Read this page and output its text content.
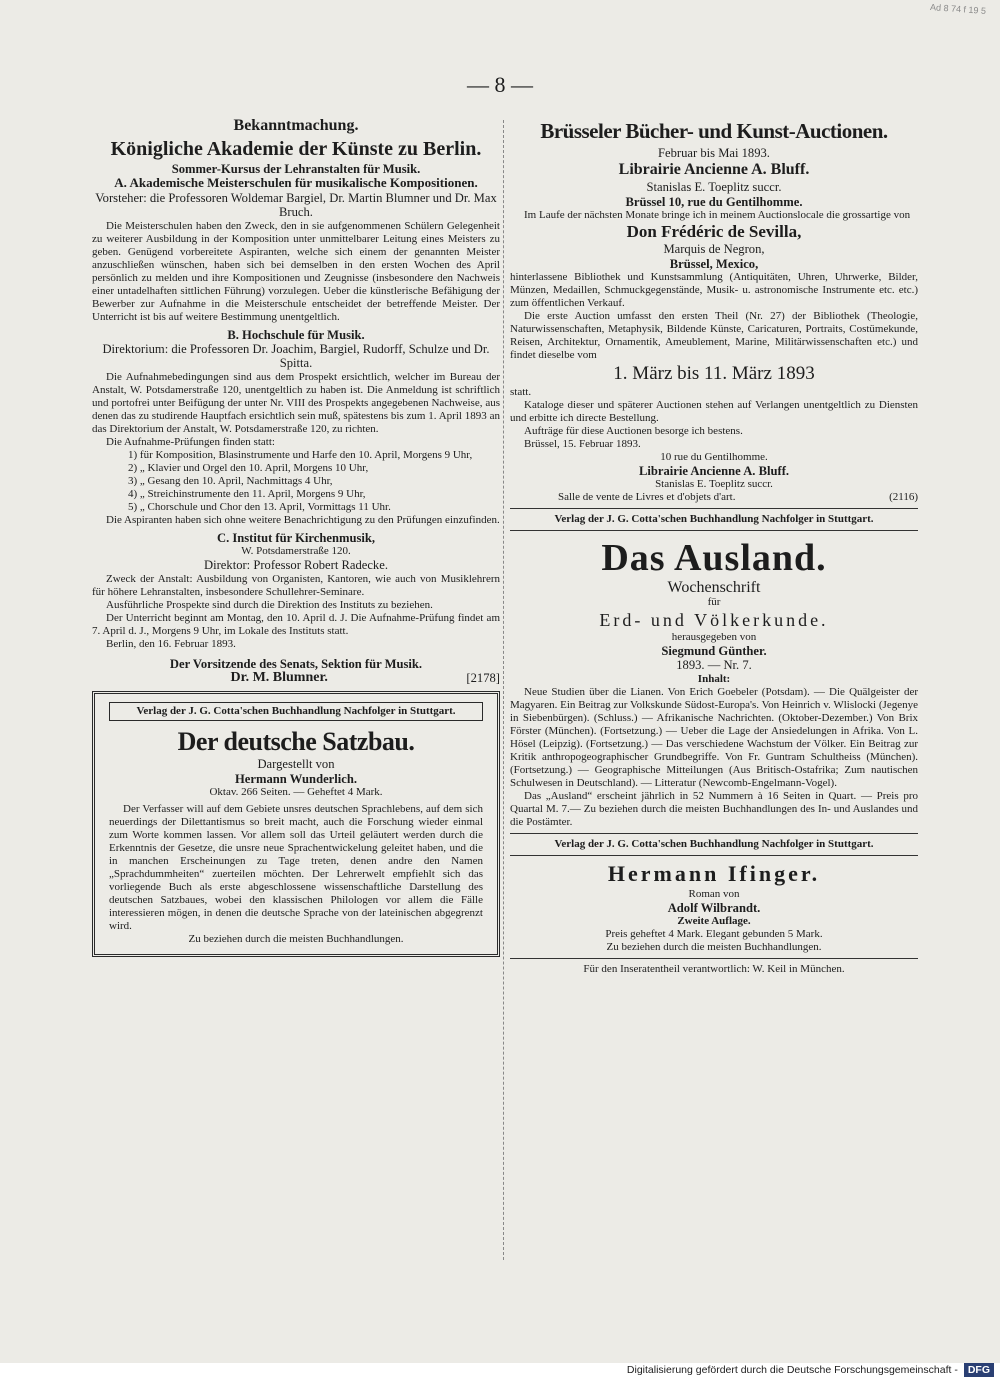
Ad 8 74 f 19 5
— 8 —
Bekanntmachung.
Königliche Akademie der Künste zu Berlin.
Sommer-Kursus der Lehranstalten für Musik.
A. Akademische Meisterschulen für musikalische Kompositionen.
Vorsteher: die Professoren Woldemar Bargiel, Dr. Martin Blumner und Dr. Max Bruch.
Die Meisterschulen haben den Zweck, den in sie aufgenommenen Schülern Gelegenheit zu weiterer Ausbildung in der Komposition unter unmittelbarer Leitung eines Meisters zu geben. Genügend vorbereitete Aspiranten, welche sich einem der genannten Meister anzuschließen wünschen, haben sich bei demselben in den ersten Wochen des April persönlich zu melden und ihre Kompositionen und Zeugnisse (insbesondere den Nachweis einer untadelhaften sittlichen Führung) vorzulegen. Ueber die künstlerische Befähigung der Bewerber zur Aufnahme in die Meisterschule entscheidet der betreffende Meister. Der Unterricht ist bis auf weitere Bestimmung unentgeltlich.
B. Hochschule für Musik.
Direktorium: die Professoren Dr. Joachim, Bargiel, Rudorff, Schulze und Dr. Spitta.
Die Aufnahmebedingungen sind aus dem Prospekt ersichtlich, welcher im Bureau der Anstalt, W. Potsdamerstraße 120, unentgeltlich zu haben ist. Die Anmeldung ist schriftlich und portofrei unter Beifügung der unter Nr. VIII des Prospekts angegebenen Nachweise, aus denen das zu studirende Hauptfach ersichtlich sein muß, spätestens bis zum 1. April 1893 an das Direktorium der Anstalt, W. Potsdamerstraße 120, zu richten.
Die Aufnahme-Prüfungen finden statt:
1) für Komposition, Blasinstrumente und Harfe den 10. April, Morgens 9 Uhr,
2) „ Klavier und Orgel den 10. April, Morgens 10 Uhr,
3) „ Gesang den 10. April, Nachmittags 4 Uhr,
4) „ Streichinstrumente den 11. April, Morgens 9 Uhr,
5) „ Chorschule und Chor den 13. April, Vormittags 11 Uhr.
Die Aspiranten haben sich ohne weitere Benachrichtigung zu den Prüfungen einzufinden.
C. Institut für Kirchenmusik,
W. Potsdamerstraße 120.
Direktor: Professor Robert Radecke.
Zweck der Anstalt: Ausbildung von Organisten, Kantoren, wie auch von Musiklehrern für höhere Lehranstalten, insbesondere Schullehrer-Seminare.
Ausführliche Prospekte sind durch die Direktion des Instituts zu beziehen.
Der Unterricht beginnt am Montag, den 10. April d. J. Die Aufnahme-Prüfung findet am 7. April d. J., Morgens 9 Uhr, im Lokale des Instituts statt.
Berlin, den 16. Februar 1893.
Der Vorsitzende des Senats, Sektion für Musik.
Dr. M. Blumner.	[2178]
Verlag der J. G. Cotta'schen Buchhandlung Nachfolger in Stuttgart.
Der deutsche Satzbau.
Dargestellt von
Hermann Wunderlich.
Oktav. 266 Seiten. — Geheftet 4 Mark.
Der Verfasser will auf dem Gebiete unsres deutschen Sprachlebens, auf dem sich neuerdings der Dilettantismus so breit macht, auch die Forschung wieder einmal zum Worte kommen lassen. Vor allem soll das Urteil geläutert werden durch die Erkenntnis der Gesetze, die unsre neue Sprachentwickelung geleitet haben, und die in manchen Erscheinungen zu Tage treten, denen andre den Namen „Sprachdummheiten“ zuerteilen möchten. Der Lehrerwelt empfiehlt sich das vorliegende Buch als erste abgeschlossene wissenschaftliche Darstellung des deutschen Satzbaues, wobei den klassischen Philologen vor allem die Fälle interessieren mögen, in denen die deutsche Sprache von der lateinischen abgegrenzt wird.
Zu beziehen durch die meisten Buchhandlungen.
Brüsseler Bücher- und Kunst-Auctionen.
Februar bis Mai 1893.
Librairie Ancienne A. Bluff.
Stanislas E. Toeplitz succr.
Brüssel 10, rue du Gentilhomme.
Im Laufe der nächsten Monate bringe ich in meinem Auctionslocale die grossartige von
Don Frédéric de Sevilla,
Marquis de Negron,
Brüssel, Mexico,
hinterlassene Bibliothek und Kunstsammlung (Antiquitäten, Uhren, Uhrwerke, Bilder, Münzen, Medaillen, Schmuckgegenstände, Musik- u. astronomische Instrumente etc. etc.) zum öffentlichen Verkauf.
Die erste Auction umfasst den ersten Theil (Nr. 27) der Bibliothek (Theologie, Naturwissenschaften, Metaphysik, Bildende Künste, Caricaturen, Portraits, Costümekunde, Reisen, Architektur, Ornamentik, Ameublement, Marine, Militärwissenschaften etc.) und findet dieselbe vom
1. März bis 11. März 1893
statt.
Kataloge dieser und späterer Auctionen stehen auf Verlangen unentgeltlich zu Diensten und erbitte ich directe Bestellung.
Aufträge für diese Auctionen besorge ich bestens.
Brüssel, 15. Februar 1893.
10 rue du Gentilhomme.
Librairie Ancienne A. Bluff.
Stanislas E. Toeplitz succr.
Salle de vente de Livres et d'objets d'art.	(2116)
Verlag der J. G. Cotta'schen Buchhandlung Nachfolger in Stuttgart.
Das Ausland.
Wochenschrift
für
Erd- und Völkerkunde.
herausgegeben von
Siegmund Günther.
1893. — Nr. 7.
Inhalt:
Neue Studien über die Lianen. Von Erich Goebeler (Potsdam). — Die Quälgeister der Magyaren. Ein Beitrag zur Volkskunde Südost-Europa's. Von Heinrich v. Wlislocki (Jegenye in Siebenbürgen). (Schluss.) — Afrikanische Nachrichten. (Oktober-Dezember.) Von Brix Förster (München). (Fortsetzung.) — Ueber die Lage der Ansiedelungen in Afrika. Von L. Hösel (Leipzig). (Fortsetzung.) — Das verschiedene Wachstum der Völker. Ein Beitrag zur Kritik anthropogeographischer Grundbegriffe. Von Fr. Guntram Schultheiss (München). (Fortsetzung.) — Geographische Mitteilungen (Aus Britisch-Ostafrika; Zum nautischen Schulwesen in Deutschland). — Litteratur (Newcomb-Engelmann-Vogel).
Das „Ausland“ erscheint jährlich in 52 Nummern à 16 Seiten in Quart. — Preis pro Quartal M. 7.— Zu beziehen durch die meisten Buchhandlungen des In- und Auslandes und die Postämter.
Verlag der J. G. Cotta'schen Buchhandlung Nachfolger in Stuttgart.
Hermann Ifinger.
Roman von
Adolf Wilbrandt.
Zweite Auflage.
Preis geheftet 4 Mark. Elegant gebunden 5 Mark.
Zu beziehen durch die meisten Buchhandlungen.
Für den Inseratentheil verantwortlich: W. Keil in München.
Digitalisierung gefördert durch die Deutsche Forschungsgemeinschaft - DFG
